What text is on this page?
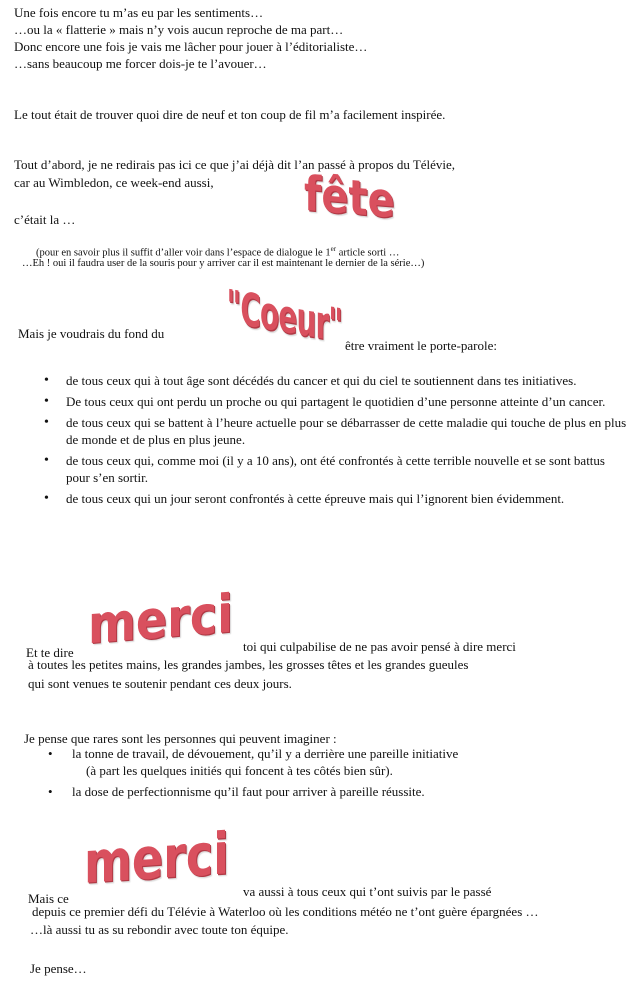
Une fois encore tu m’as eu par les sentiments…
…ou la « flatterie » mais n’y vois aucun reproche de ma part…
Donc encore une fois je vais me lâcher pour jouer à l’éditorialiste…
…sans beaucoup me forcer dois-je te l’avouer…
Le tout était de trouver quoi dire de neuf et ton coup de fil m’a facilement inspirée.
Tout d’abord, je ne redirais pas ici ce que j’ai déjà dit l’an passé à propos du Télévie,
car au Wimbledon, ce week-end aussi,
c’était la …	fête
(pour en savoir plus il suffit d’aller voir dans l’espace de dialogue le 1er article sorti …
…Eh ! oui il faudra user de la souris pour y arriver car il est maintenant le dernier de la série…)
Mais je voudrais du fond du "Coeur" être vraiment le porte-parole:
• de tous ceux qui à tout âge sont décédés du cancer et qui du ciel te soutiennent dans tes initiatives.
• De tous ceux qui ont perdu un proche ou qui partagent le quotidien d’une personne atteinte d’un cancer.
• de tous ceux qui se battent à l’heure actuelle pour se débarrasser de cette maladie qui touche de plus en plus de monde et de plus en plus jeune.
• de tous ceux qui, comme moi (il y a 10 ans), ont été confrontés à cette terrible nouvelle et se sont battus pour s’en sortir.
• de tous ceux qui un jour seront confrontés à cette épreuve mais qui l’ignorent bien évidemment.
Et te dire merci toi qui culpabilise de ne pas avoir pensé à dire merci
à toutes les petites mains, les grandes jambes, les grosses têtes et les grandes gueules
qui sont venues te soutenir pendant ces deux jours.
Je pense que rares sont les personnes qui peuvent imaginer :
• la tonne de travail, de dévouement, qu’il y a derrière une pareille initiative
(à part les quelques initiés qui foncent à tes côtés bien sûr).
• la dose de perfectionnisme qu’il faut pour arriver à pareille réussite.
Mais ce
merci va aussi à tous ceux qui t’ont suivis par le passé
depuis ce premier défi du Télévie à Waterloo où les conditions météo ne t’ont guère épargnées …
…là aussi tu as su rebondir avec toute ton équipe.
Je pense…
